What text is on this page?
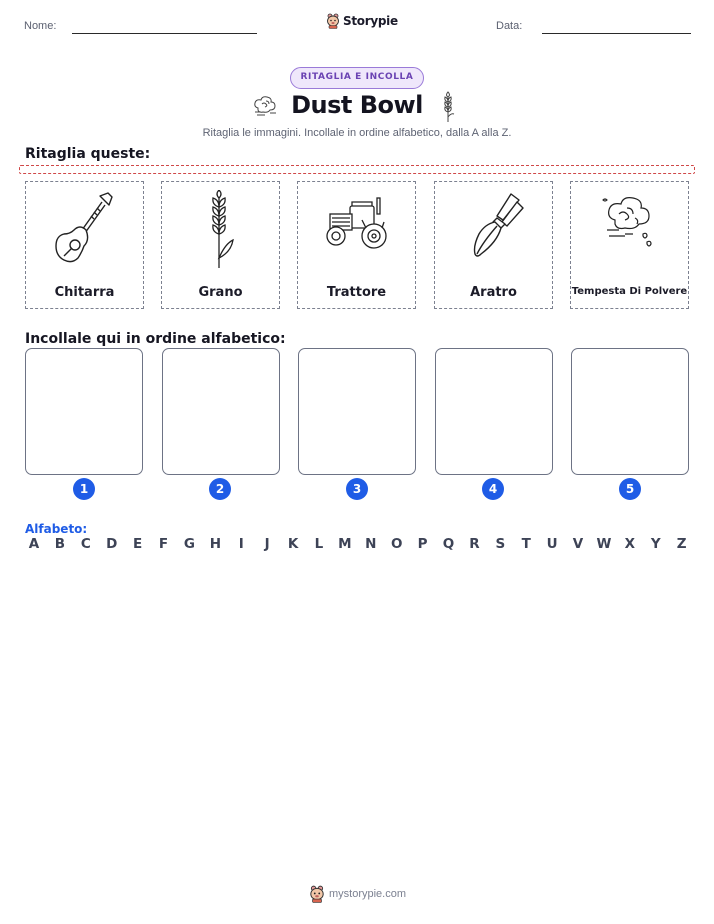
Nome:	Storypie	Data:
RITAGLIA E INCOLLA
Dust Bowl
Ritaglia le immagini. Incollale in ordine alfabetico, dalla A alla Z.
Ritaglia queste:
Chitarra	Grano	Trattore	Aratro	Tempesta Di Polvere
Incollale qui in ordine alfabetico:
1	2	3	4	5
Alfabeto:
A B C D E F G H	I	J	K L M N O P Q R S T U V W X Y Z
mystorypie.com
